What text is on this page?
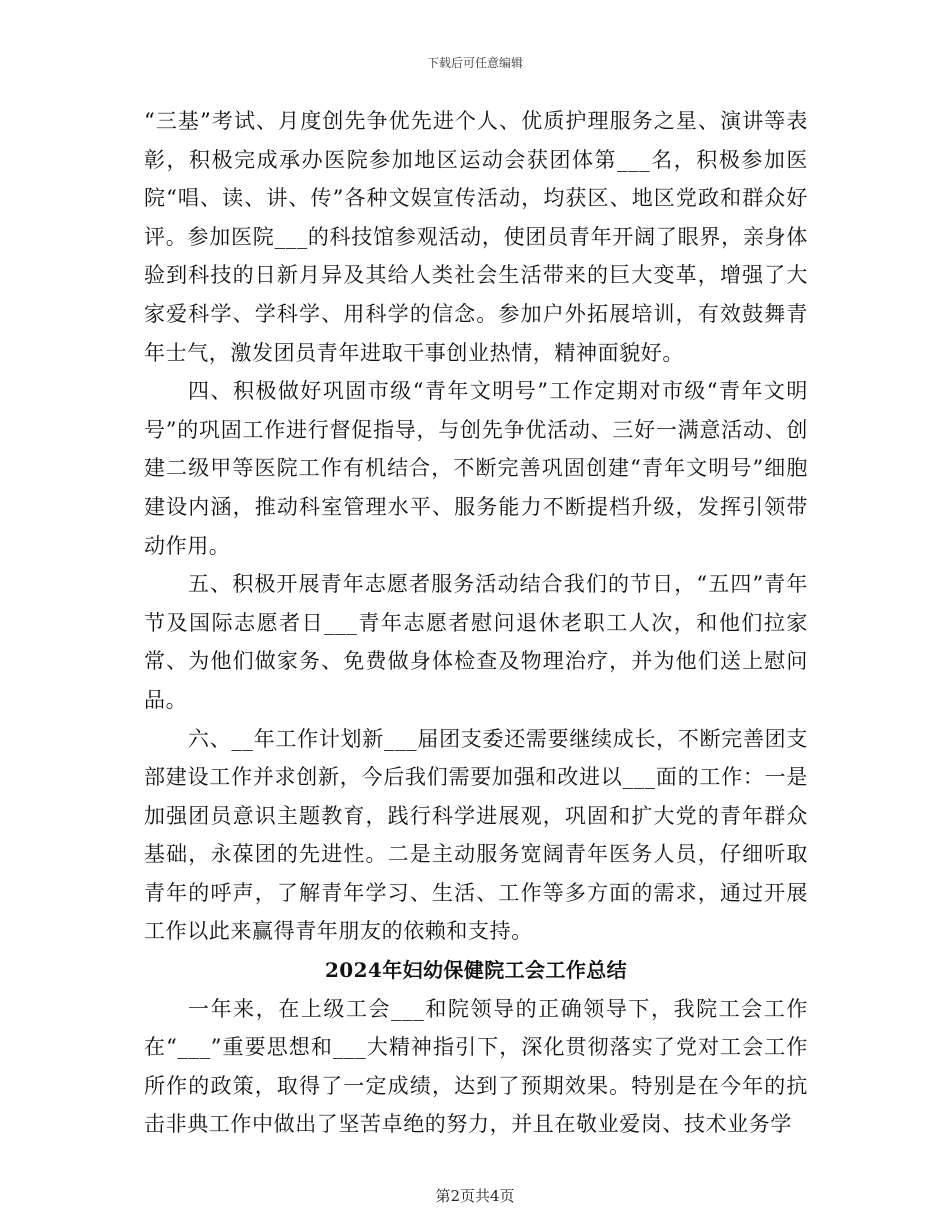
下载后可任意编辑

“三基”考试、月度创先争优先进个人、优质护理服务之星、演讲等表彰，积极完成承办医院参加地区运动会获团体第___名，积极参加医院“唱、读、讲、传”各种文娱宣传活动，均获区、地区党政和群众好评。参加医院___的科技馆参观活动，使团员青年开阔了眼界，亲身体验到科技的日新月异及其给人类社会生活带来的巨大变革，增强了大家爱科学、学科学、用科学的信念。参加户外拓展培训，有效鼓舞青年士气，激发团员青年进取干事创业热情，精神面貌好。

四、积极做好巩固市级“青年文明号”工作定期对市级“青年文明号”的巩固工作进行督促指导，与创先争优活动、三好一满意活动、创建二级甲等医院工作有机结合，不断完善巩固创建“青年文明号”细胞建设内涵，推动科室管理水平、服务能力不断提档升级，发挥引领带动作用。

五、积极开展青年志愿者服务活动结合我们的节日，“五四”青年节及国际志愿者日___青年志愿者慰问退休老职工人次，和他们拉家常、为他们做家务、免费做身体检查及物理治疗，并为他们送上慰问品。

六、__年工作计划新___届团支委还需要继续成长，不断完善团支部建设工作并求创新，今后我们需要加强和改进以___面的工作：一是加强团员意识主题教育，践行科学进展观，巩固和扩大党的青年群众基础，永葆团的先进性。二是主动服务宽阔青年医务人员，仔细听取青年的呼声，了解青年学习、生活、工作等多方面的需求，通过开展工作以此来赢得青年朋友的依赖和支持。

2024年妇幼保健院工会工作总结

一年来，在上级工会___和院领导的正确领导下，我院工会工作在“___”重要思想和___大精神指引下，深化贯彻落实了党对工会工作所作的政策，取得了一定成绩，达到了预期效果。特别是在今年的抗击非典工作中做出了坚苦卓绝的努力，并且在敬业爱岗、技术业务学

第2页共4页
